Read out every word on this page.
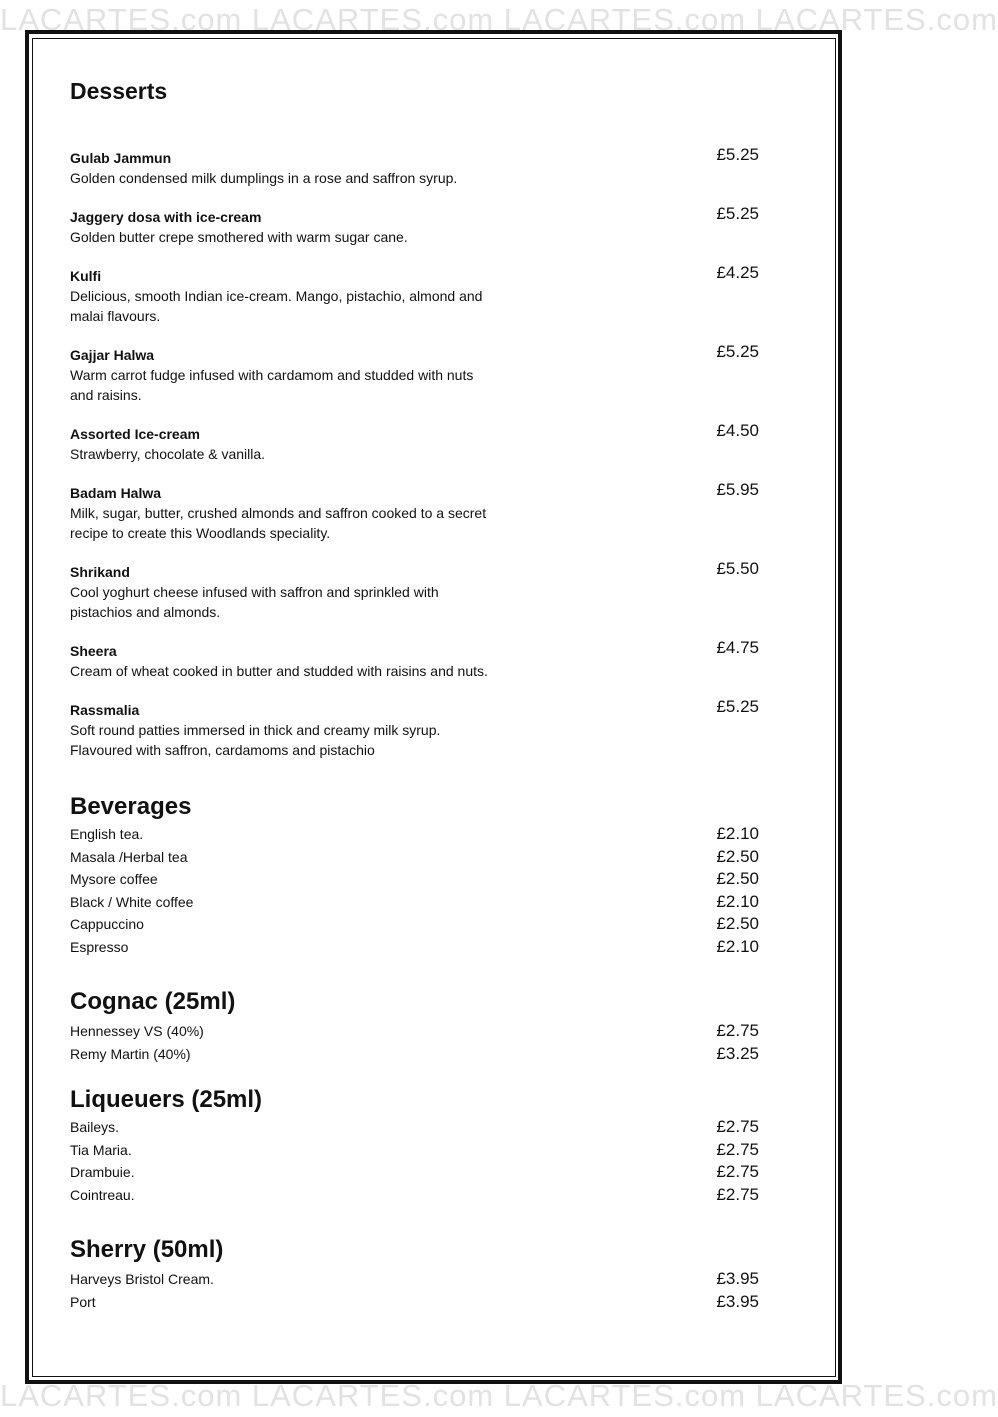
LACARTES.com LACARTES.com LACARTES.com LACARTES.com
LACARTES.com LACARTES.com LACARTES.com LACARTES.com
Desserts
Gulab Jammun
Golden condensed milk dumplings in a rose and saffron syrup.
£5.25
Jaggery dosa with ice-cream
Golden butter crepe smothered with warm sugar cane.
£5.25
Kulfi
Delicious, smooth Indian ice-cream. Mango, pistachio, almond and malai flavours.
£4.25
Gajjar Halwa
Warm carrot fudge infused with cardamom and studded with nuts and raisins.
£5.25
Assorted Ice-cream
Strawberry, chocolate & vanilla.
£4.50
Badam Halwa
Milk, sugar, butter, crushed almonds and saffron cooked to a secret recipe to create this Woodlands speciality.
£5.95
Shrikand
Cool yoghurt cheese infused with saffron and sprinkled with pistachios and almonds.
£5.50
Sheera
Cream of wheat cooked in butter and studded with raisins and nuts.
£4.75
Rassmalia
Soft round patties immersed in thick and creamy milk syrup. Flavoured with saffron, cardamoms and pistachio
£5.25
Beverages
English tea.	£2.10
Masala /Herbal tea	£2.50
Mysore coffee	£2.50
Black / White coffee	£2.10
Cappuccino	£2.50
Espresso	£2.10
Cognac (25ml)
Hennessey VS (40%)	£2.75
Remy Martin (40%)	£3.25
Liqueuers (25ml)
Baileys.	£2.75
Tia Maria.	£2.75
Drambuie.	£2.75
Cointreau.	£2.75
Sherry (50ml)
Harveys Bristol Cream.	£3.95
Port	£3.95
